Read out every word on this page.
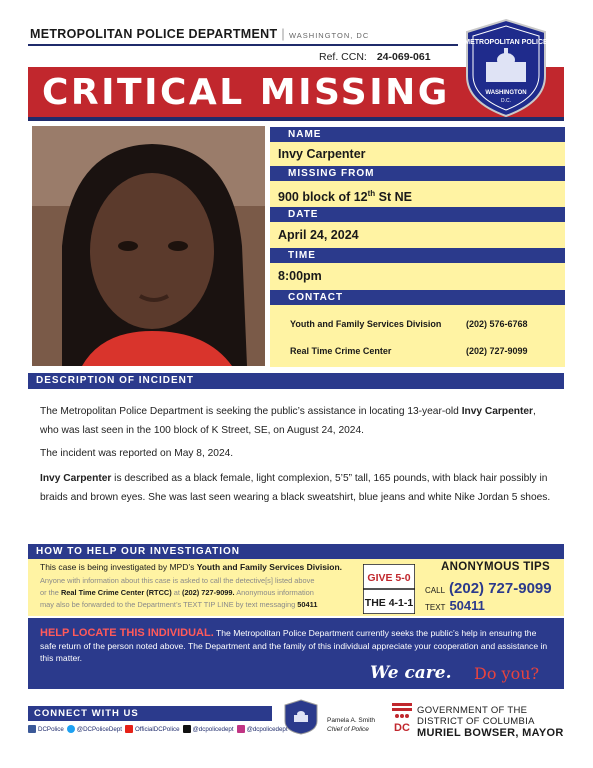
METROPOLITAN POLICE DEPARTMENT | WASHINGTON, DC
Ref. CCN: 24-069-061
CRITICAL MISSING
METROPOLITAN POLICE
WASHINGTON
D.C.
NAME
Invy Carpenter
MISSING FROM
900 block of 12th St NE
DATE
April 24, 2024
TIME
8:00pm
CONTACT
Youth and Family Services Division	(202) 576-6768
Real Time Crime Center	(202) 727-9099
DESCRIPTION OF INCIDENT
The Metropolitan Police Department is seeking the public’s assistance in locating 13-year-old Invy Carpenter, who was last seen in the 100 block of K Street, SE, on August 24, 2024.
The incident was reported on May 8, 2024.
Invy Carpenter is described as a black female, light complexion, 5’5” tall, 165 pounds, with black hair possibly in braids and brown eyes. She was last seen wearing a black sweatshirt, blue jeans and white Nike Jordan 5 shoes.
HOW TO HELP OUR INVESTIGATION
This case is being investigated by MPD’s Youth and Family Services Division.
Anyone with information about this case is asked to call the detective[s] listed above
or the Real Time Crime Center (RTCC) at (202) 727-9099. Anonymous information
may also be forwarded to the Department’s TEXT TIP LINE by text messaging 50411
GIVE 5-0
THE 4-1-1
ANONYMOUS TIPS
CALL (202) 727-9099
TEXT 50411
HELP LOCATE THIS INDIVIDUAL. The Metropolitan Police Department currently seeks the public’s help in ensuring the safe return of the person noted above. The Department and the family of this individual appreciate your cooperation and assistance in this matter.
We care. Do you?
CONNECT WITH US
DCPolice @DCPoliceDept OfficialDCPolice @dcpolicedept @dcpolicedept
Pamela A. Smith
Chief of Police	DC
GOVERNMENT OF THE
DISTRICT OF COLUMBIA
MURIEL BOWSER, MAYOR
